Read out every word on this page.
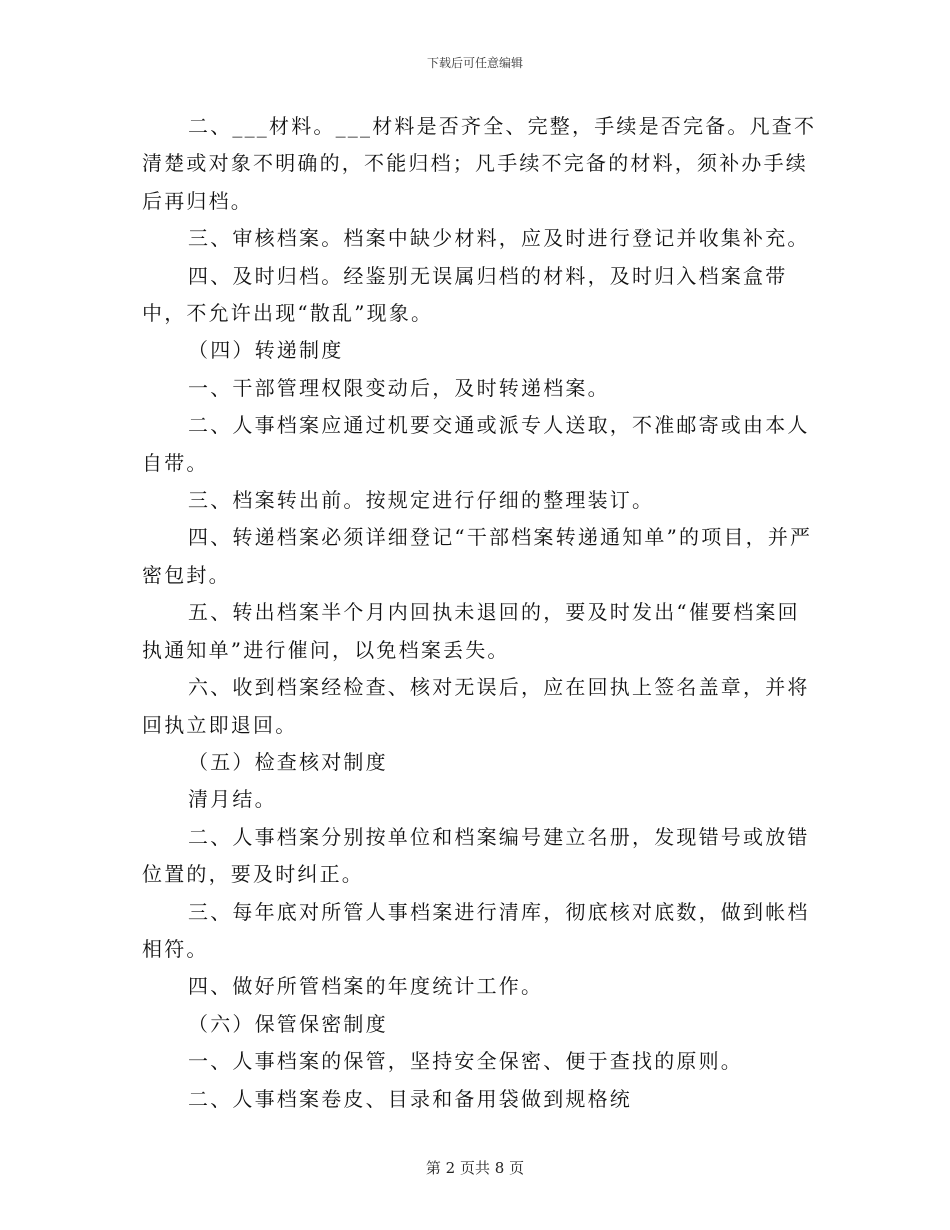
下载后可任意编辑

二、___材料。___材料是否齐全、完整，手续是否完备。凡查不清楚或对象不明确的，不能归档；凡手续不完备的材料，须补办手续后再归档。

三、审核档案。档案中缺少材料，应及时进行登记并收集补充。

四、及时归档。经鉴别无误属归档的材料，及时归入档案盒带中，不允许出现“散乱”现象。

（四）转递制度

一、干部管理权限变动后，及时转递档案。

二、人事档案应通过机要交通或派专人送取，不准邮寄或由本人自带。

三、档案转出前。按规定进行仔细的整理装订。

四、转递档案必须详细登记“干部档案转递通知单”的项目，并严密包封。

五、转出档案半个月内回执未退回的，要及时发出“催要档案回执通知单”进行催问，以免档案丢失。

六、收到档案经检查、核对无误后，应在回执上签名盖章，并将回执立即退回。

（五）检查核对制度

清月结。

二、人事档案分别按单位和档案编号建立名册，发现错号或放错位置的，要及时纠正。

三、每年底对所管人事档案进行清库，彻底核对底数，做到帐档相符。

四、做好所管档案的年度统计工作。

（六）保管保密制度

一、人事档案的保管，坚持安全保密、便于查找的原则。

二、人事档案卷皮、目录和备用袋做到规格统

第 2 页共 8 页
